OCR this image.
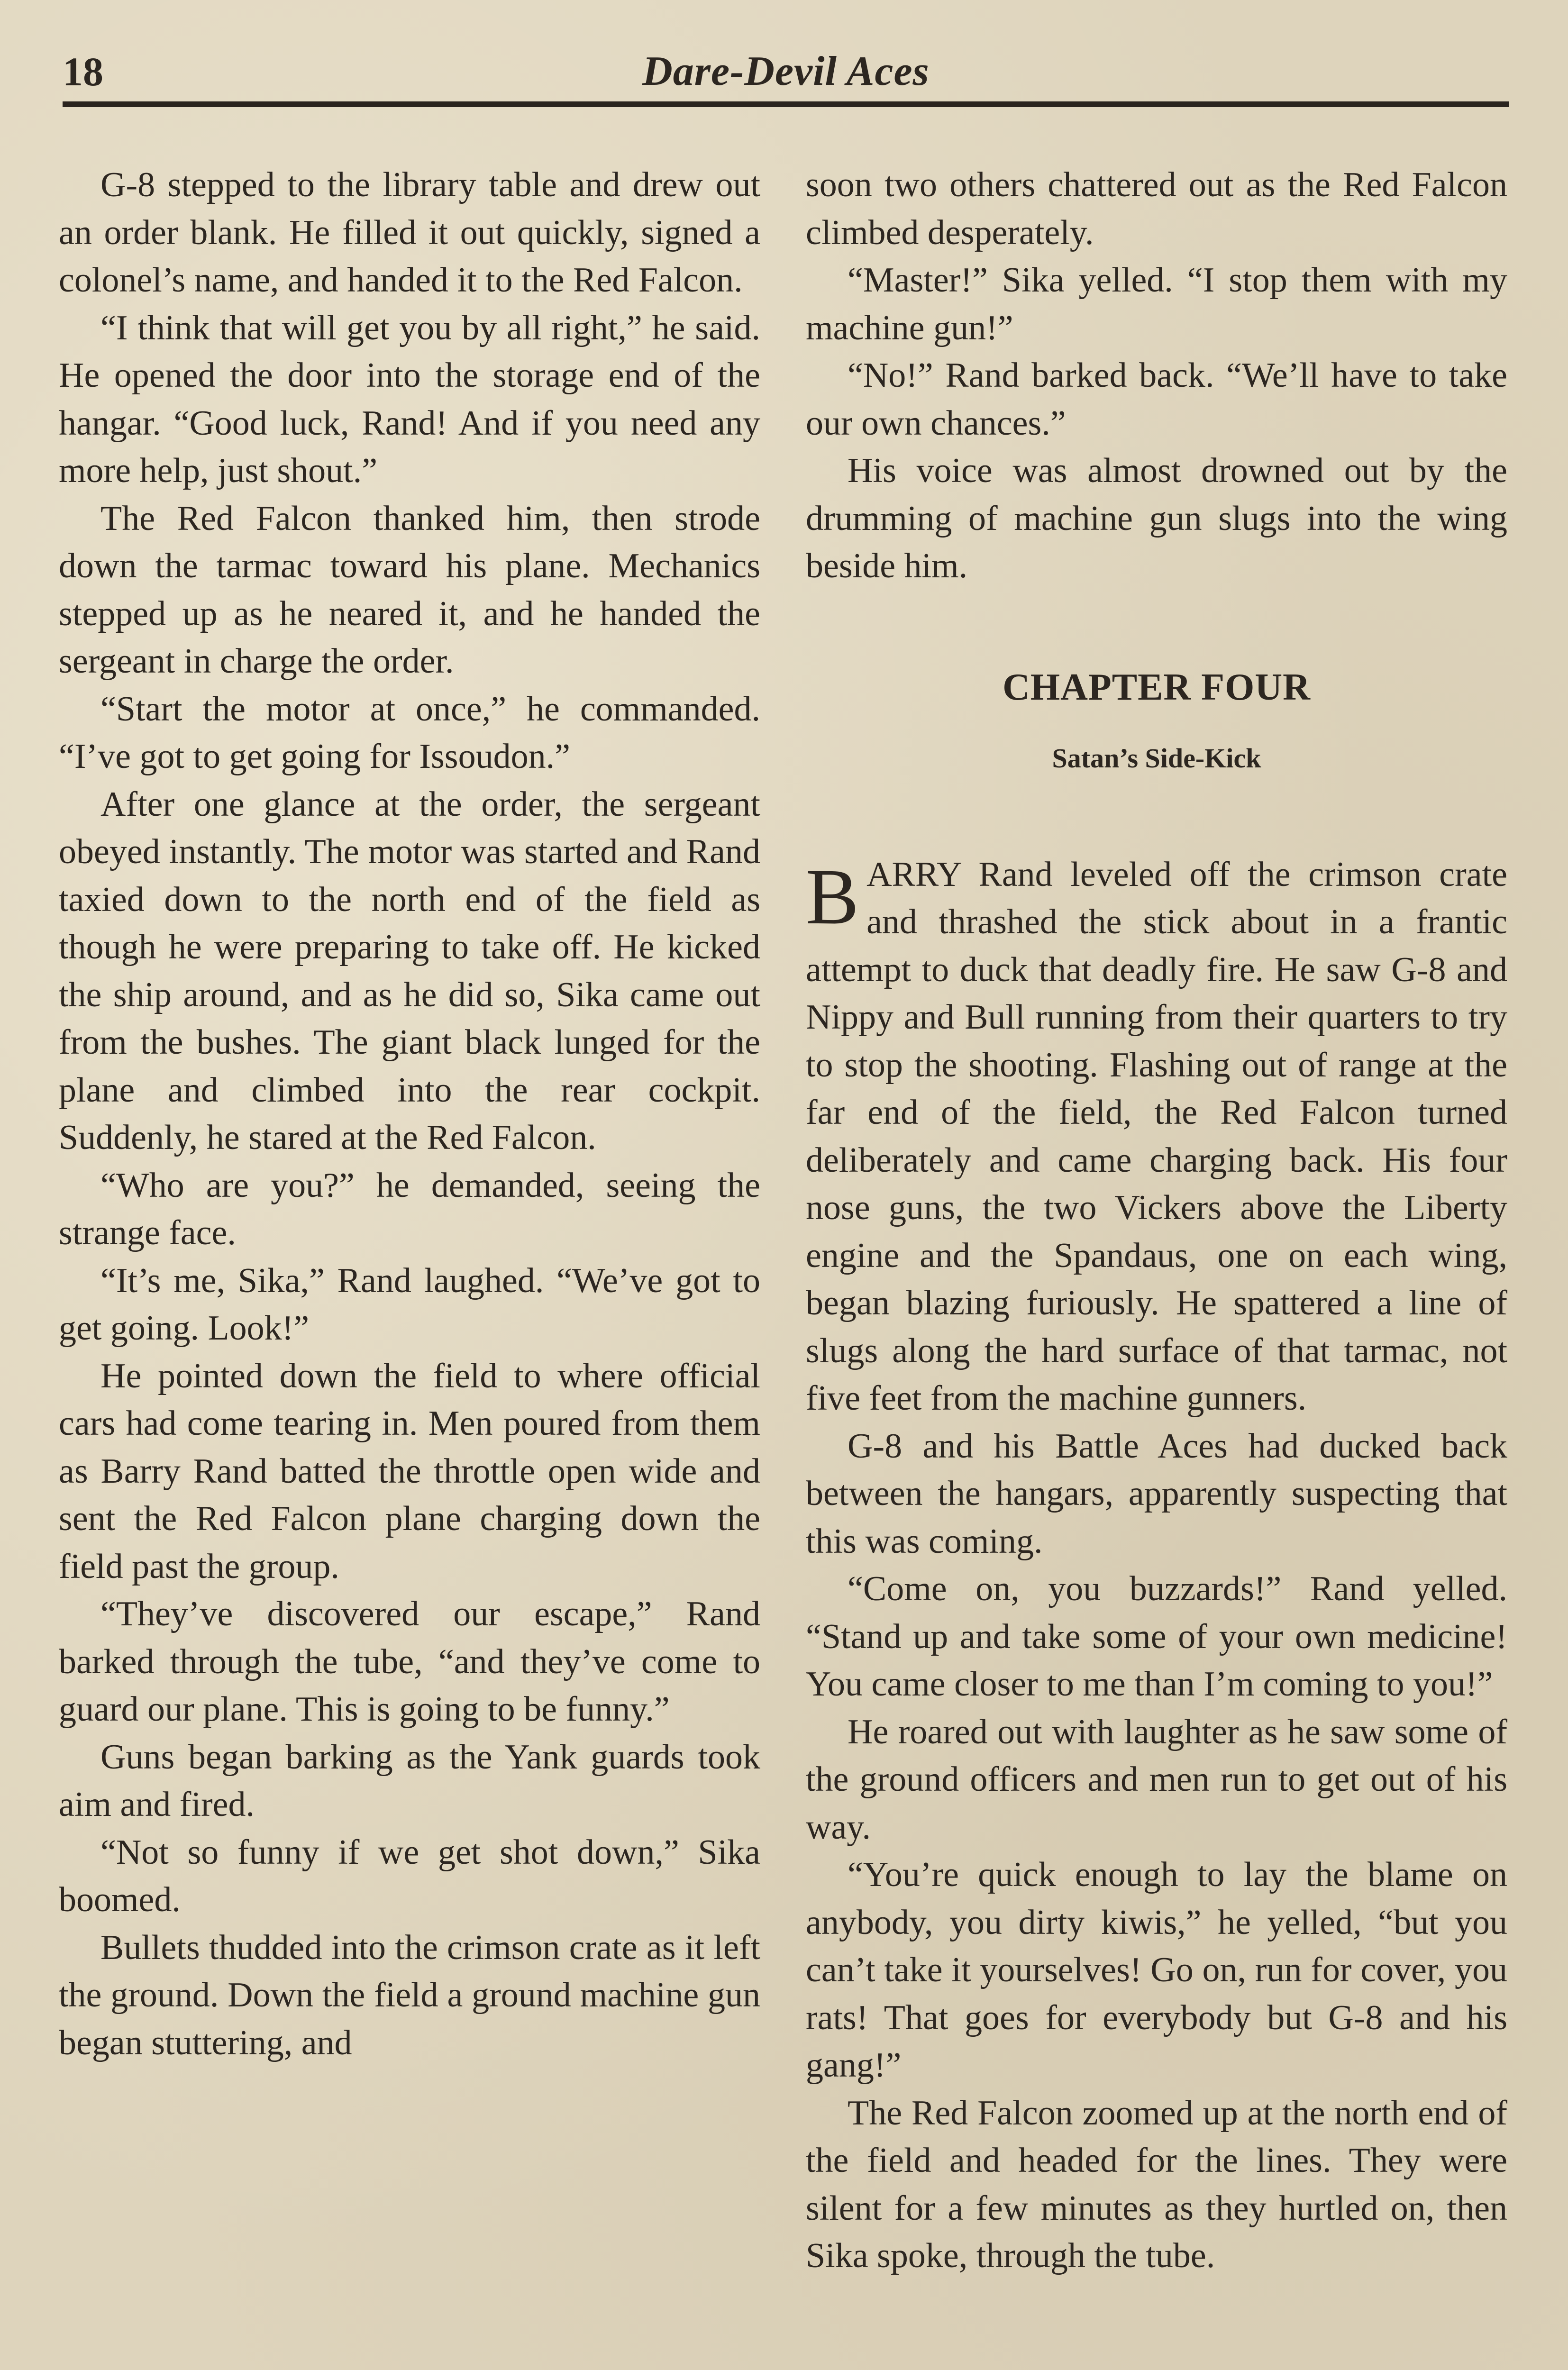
18	Dare-Devil Aces

G-8 stepped to the library table and drew out an order blank. He filled it out quickly, signed a colonel’s name, and handed it to the Red Falcon.

“I think that will get you by all right,” he said. He opened the door into the storage end of the hangar. “Good luck, Rand! And if you need any more help, just shout.”

The Red Falcon thanked him, then strode down the tarmac toward his plane. Mechanics stepped up as he neared it, and he handed the sergeant in charge the order.

“Start the motor at once,” he commanded. “I’ve got to get going for Issoudon.”

After one glance at the order, the sergeant obeyed instantly. The motor was started and Rand taxied down to the north end of the field as though he were preparing to take off. He kicked the ship around, and as he did so, Sika came out from the bushes. The giant black lunged for the plane and climbed into the rear cockpit. Suddenly, he stared at the Red Falcon.

“Who are you?” he demanded, seeing the strange face.

“It’s me, Sika,” Rand laughed. “We’ve got to get going. Look!”

He pointed down the field to where official cars had come tearing in. Men poured from them as Barry Rand batted the throttle open wide and sent the Red Falcon plane charging down the field past the group.

“They’ve discovered our escape,” Rand barked through the tube, “and they’ve come to guard our plane. This is going to be funny.”

Guns began barking as the Yank guards took aim and fired.

“Not so funny if we get shot down,” Sika boomed.

Bullets thudded into the crimson crate as it left the ground. Down the field a ground machine gun began stuttering, and

soon two others chattered out as the Red Falcon climbed desperately.

“Master!” Sika yelled. “I stop them with my machine gun!”

“No!” Rand barked back. “We’ll have to take our own chances.”

His voice was almost drowned out by the drumming of machine gun slugs into the wing beside him.

CHAPTER FOUR
Satan’s Side-Kick

BARRY Rand leveled off the crimson crate and thrashed the stick about in a frantic attempt to duck that deadly fire. He saw G-8 and Nippy and Bull running from their quarters to try to stop the shooting. Flashing out of range at the far end of the field, the Red Falcon turned deliberately and came charging back. His four nose guns, the two Vickers above the Liberty engine and the Spandaus, one on each wing, began blazing furiously. He spattered a line of slugs along the hard surface of that tarmac, not five feet from the machine gunners.

G-8 and his Battle Aces had ducked back between the hangars, apparently suspecting that this was coming.

“Come on, you buzzards!” Rand yelled. “Stand up and take some of your own medicine! You came closer to me than I’m coming to you!”

He roared out with laughter as he saw some of the ground officers and men run to get out of his way.

“You’re quick enough to lay the blame on anybody, you dirty kiwis,” he yelled, “but you can’t take it yourselves! Go on, run for cover, you rats! That goes for everybody but G-8 and his gang!”

The Red Falcon zoomed up at the north end of the field and headed for the lines. They were silent for a few minutes as they hurtled on, then Sika spoke, through the tube.
